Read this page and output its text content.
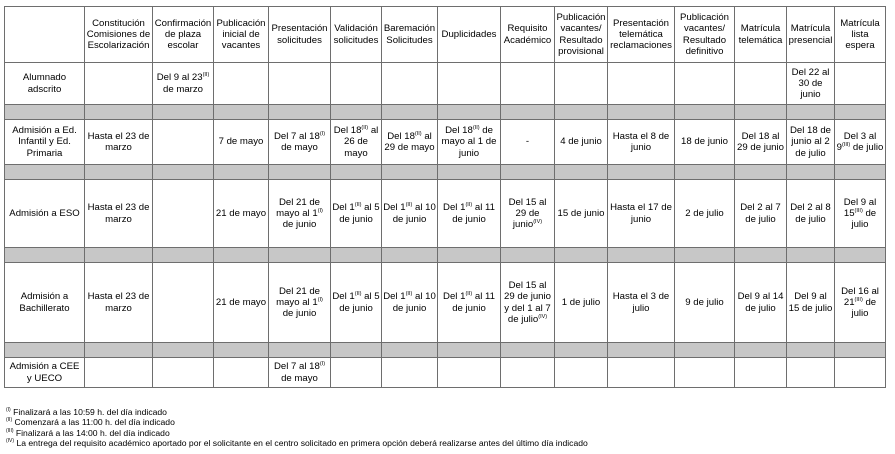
	Constitución Comisiones de Escolarización	Confirmación de plaza escolar	Publicación inicial de vacantes	Presentación solicitudes	Validación solicitudes	Baremación Solicitudes	Duplicidades	Requisito Académico	Publicación vacantes/ Resultado provisional	Presentación telemática reclamaciones	Publicación vacantes/ Resultado definitivo	Matrícula telemática	Matrícula presencial	Matrícula lista espera
Alumnado adscrito		Del 9 al $23^{(II)}$ de marzo											Del 22 al 30 de junio	

Admisión a Ed. Infantil y Ed. Primaria	Hasta el 23 de marzo		7 de mayo	Del 7 al $18^{(I)}$ de mayo	Del $18^{(II)}$ al 26 de mayo	Del $18^{(II)}$ al 29 de mayo	Del $18^{(II)}$ de mayo al 1 de junio	-	4 de junio	Hasta el 8 de junio	18 de junio	Del 18 al 29 de junio	Del 18 de junio al 2 de julio	Del 3 al $9^{(III)}$ de julio

Admisión a ESO	Hasta el 23 de marzo		21 de mayo	Del 21 de mayo al $1^{(I)}$ de junio	Del $1^{(II)}$ al 5 de junio	Del $1^{(II)}$ al 10 de junio	Del $1^{(II)}$ al 11 de junio	Del 15 al 29 de junio$^{(IV)}$	15 de junio	Hasta el 17 de junio	2 de julio	Del 2 al 7 de julio	Del 2 al 8 de julio	Del 9 al $15^{(III)}$ de julio

Admisión a Bachillerato	Hasta el 23 de marzo		21 de mayo	Del 21 de mayo al $1^{(I)}$ de junio	Del $1^{(II)}$ al 5 de junio	Del $1^{(II)}$ al 10 de junio	Del $1^{(II)}$ al 11 de junio	Del 15 al 29 de junio y del 1 al 7 de julio$^{(IV)}$	1 de julio	Hasta el 3 de julio	9 de julio	Del 9 al 14 de julio	Del 9 al 15 de julio	Del 16 al $21^{(III)}$ de julio

Admisión a CEE y UECO				Del 7 al $18^{(I)}$ de mayo										
$^{(I)}$ Finalizará a las 10:59 h. del día indicado
$^{(II)}$ Comenzará a las 11:00 h. del día indicado
$^{(III)}$ Finalizará a las 14:00 h. del día indicado
$^{(IV)}$ La entrega del requisito académico aportado por el solicitante en el centro solicitado en primera opción deberá realizarse antes del último día indicado
